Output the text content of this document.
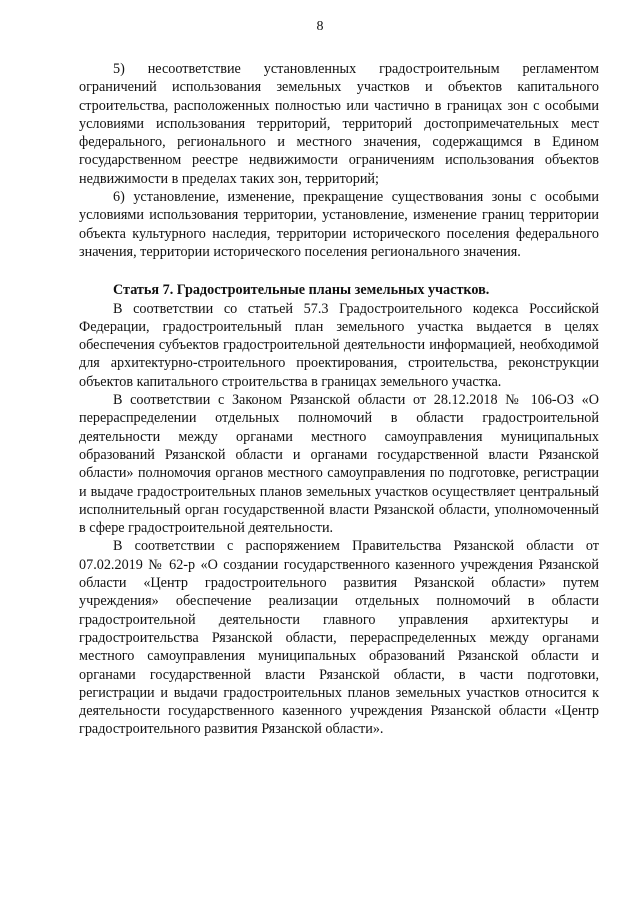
8

5) несоответствие установленных градостроительным регламентом ограничений использования земельных участков и объектов капитального строительства, расположенных полностью или частично в границах зон с особыми условиями использования территорий, территорий достопримечательных мест федерального, регионального и местного значения, содержащимся в Едином государственном реестре недвижимости ограничениям использования объектов недвижимости в пределах таких зон, территорий;

6) установление, изменение, прекращение существования зоны с особыми условиями использования территории, установление, изменение границ территории объекта культурного наследия, территории исторического поселения федерального значения, территории исторического поселения регионального значения.

Статья 7. Градостроительные планы земельных участков.

В соответствии со статьей 57.3 Градостроительного кодекса Российской Федерации, градостроительный план земельного участка выдается в целях обеспечения субъектов градостроительной деятельности информацией, необходимой для архитектурно-строительного проектирования, строительства, реконструкции объектов капитального строительства в границах земельного участка.

В соответствии с Законом Рязанской области от 28.12.2018 № 106-ОЗ «О перераспределении отдельных полномочий в области градостроительной деятельности между органами местного самоуправления муниципальных образований Рязанской области и органами государственной власти Рязанской области» полномочия органов местного самоуправления по подготовке, регистрации и выдаче градостроительных планов земельных участков осуществляет центральный исполнительный орган государственной власти Рязанской области, уполномоченный в сфере градостроительной деятельности.

В соответствии с распоряжением Правительства Рязанской области от 07.02.2019 № 62-р «О создании государственного казенного учреждения Рязанской области «Центр градостроительного развития Рязанской области» путем учреждения» обеспечение реализации отдельных полномочий в области градостроительной деятельности главного управления архитектуры и градостроительства Рязанской области, перераспределенных между органами местного самоуправления муниципальных образований Рязанской области и органами государственной власти Рязанской области, в части подготовки, регистрации и выдачи градостроительных планов земельных участков относится к деятельности государственного казенного учреждения Рязанской области «Центр градостроительного развития Рязанской области».
